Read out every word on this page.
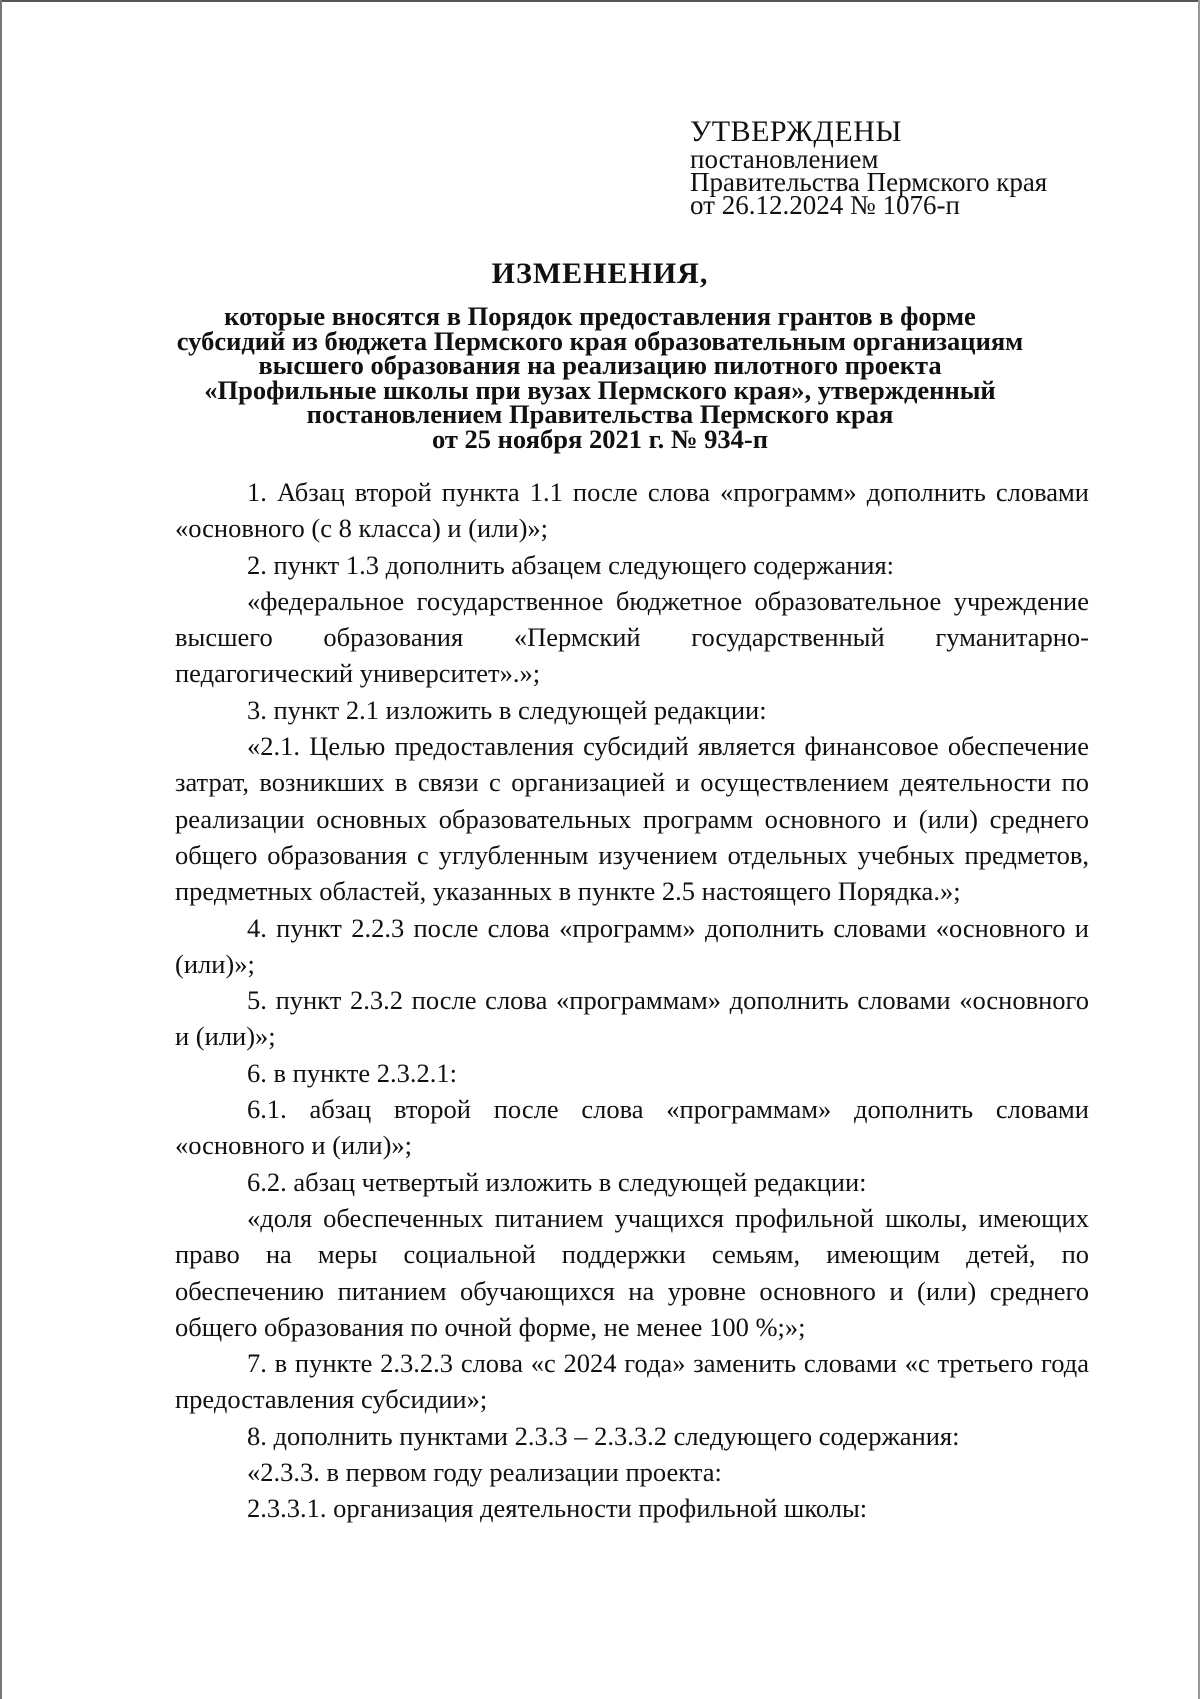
УТВЕРЖДЕНЫ
постановлением
Правительства Пермского края
от 26.12.2024 № 1076-п
ИЗМЕНЕНИЯ,
которые вносятся в Порядок предоставления грантов в форме
субсидий из бюджета Пермского края образовательным организациям
высшего образования на реализацию пилотного проекта
«Профильные школы при вузах Пермского края», утвержденный
постановлением Правительства Пермского края
от 25 ноября 2021 г. № 934-п

1. Абзац второй пункта 1.1 после слова «программ» дополнить словами «основного (с 8 класса) и (или)»;

2. пункт 1.3 дополнить абзацем следующего содержания:

«федеральное государственное бюджетное образовательное учреждение высшего образования «Пермский государственный гуманитарно-педагогический университет».»;

3. пункт 2.1 изложить в следующей редакции:

«2.1. Целью предоставления субсидий является финансовое обеспечение затрат, возникших в связи с организацией и осуществлением деятельности по реализации основных образовательных программ основного и (или) среднего общего образования с углубленным изучением отдельных учебных предметов, предметных областей, указанных в пункте 2.5 настоящего Порядка.»;

4. пункт 2.2.3 после слова «программ» дополнить словами «основного и (или)»;

5. пункт 2.3.2 после слова «программам» дополнить словами «основного и (или)»;

6. в пункте 2.3.2.1:

6.1. абзац второй после слова «программам» дополнить словами «основного и (или)»;

6.2. абзац четвертый изложить в следующей редакции:

«доля обеспеченных питанием учащихся профильной школы, имеющих право на меры социальной поддержки семьям, имеющим детей, по обеспечению питанием обучающихся на уровне основного и (или) среднего общего образования по очной форме, не менее 100 %;»;

7. в пункте 2.3.2.3 слова «с 2024 года» заменить словами «с третьего года предоставления субсидии»;

8. дополнить пунктами 2.3.3 – 2.3.3.2 следующего содержания:

«2.3.3. в первом году реализации проекта:

2.3.3.1. организация деятельности профильной школы:
